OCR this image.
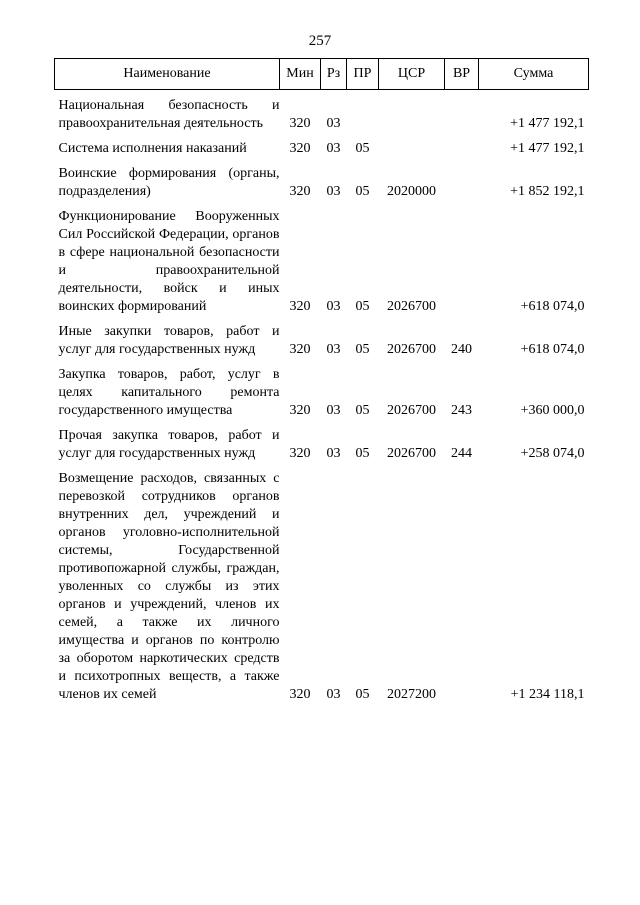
257
Наименование	Мин	Рз	ПР	ЦСР	ВР	Сумма
Национальная безопасность и правоохранительная деятельность	320	03				+1 477 192,1
Система исполнения наказаний	320	03	05			+1 477 192,1
Воинские формирования (органы, подразделения)	320	03	05	2020000		+1 852 192,1
Функционирование Вооруженных Сил Российской Федерации, органов в сфере национальной безопасности и правоохранительной деятельности, войск и иных воинских формирований	320	03	05	2026700		+618 074,0
Иные закупки товаров, работ и услуг для государственных нужд	320	03	05	2026700	240	+618 074,0
Закупка товаров, работ, услуг в целях капитального ремонта государственного имущества	320	03	05	2026700	243	+360 000,0
Прочая закупка товаров, работ и услуг для государственных нужд	320	03	05	2026700	244	+258 074,0
Возмещение расходов, связанных с перевозкой сотрудников органов внутренних дел, учреждений и органов уголовно-исполнительной системы, Государственной противопожарной службы, граждан, уволенных со службы из этих органов и учреждений, членов их семей, а также их личного имущества и органов по контролю за оборотом наркотических средств и психотропных веществ, а также членов их семей	320	03	05	2027200		+1 234 118,1
